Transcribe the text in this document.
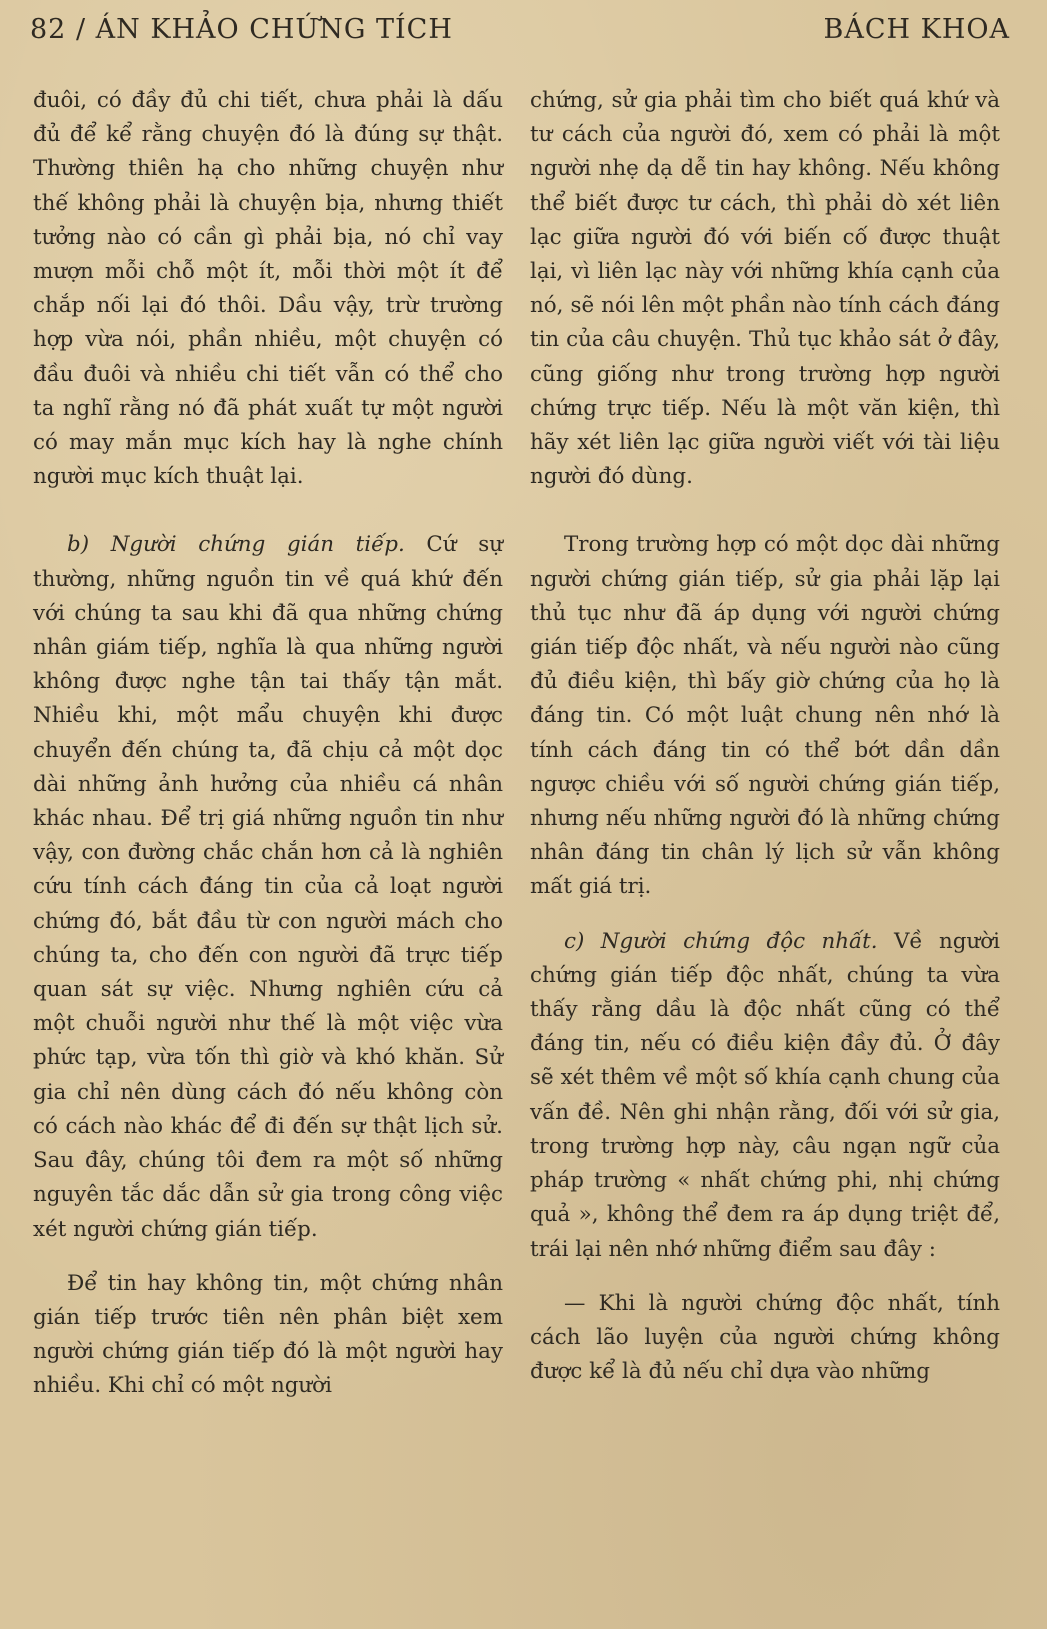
82 / ÁN KHẢO CHỨNG TÍCH	BÁCH KHOA

đuôi, có đầy đủ chi tiết, chưa phải là dấu đủ để kể rằng chuyện đó là đúng sự thật. Thường thiên hạ cho những chuyện như thế không phải là chuyện bịa, nhưng thiết tưởng nào có cần gì phải bịa, nó chỉ vay mượn mỗi chỗ một ít, mỗi thời một ít để chắp nối lại đó thôi. Dầu vậy, trừ trường hợp vừa nói, phần nhiều, một chuyện có đầu đuôi và nhiều chi tiết vẫn có thể cho ta nghĩ rằng nó đã phát xuất tự một người có may mắn mục kích hay là nghe chính người mục kích thuật lại.

b) Người chứng gián tiếp. Cứ sự thường, những nguồn tin về quá khứ đến với chúng ta sau khi đã qua những chứng nhân giám tiếp, nghĩa là qua những người không được nghe tận tai thấy tận mắt. Nhiều khi, một mẩu chuyện khi được chuyển đến chúng ta, đã chịu cả một dọc dài những ảnh hưởng của nhiều cá nhân khác nhau. Để trị giá những nguồn tin như vậy, con đường chắc chắn hơn cả là nghiên cứu tính cách đáng tin của cả loạt người chứng đó, bắt đầu từ con người mách cho chúng ta, cho đến con người đã trực tiếp quan sát sự việc. Nhưng nghiên cứu cả một chuỗi người như thế là một việc vừa phức tạp, vừa tốn thì giờ và khó khăn. Sử gia chỉ nên dùng cách đó nếu không còn có cách nào khác để đi đến sự thật lịch sử. Sau đây, chúng tôi đem ra một số những nguyên tắc dắc dẫn sử gia trong công việc xét người chứng gián tiếp.

Để tin hay không tin, một chứng nhân gián tiếp trước tiên nên phân biệt xem người chứng gián tiếp đó là một người hay nhiều. Khi chỉ có một người

chứng, sử gia phải tìm cho biết quá khứ và tư cách của người đó, xem có phải là một người nhẹ dạ dễ tin hay không. Nếu không thể biết được tư cách, thì phải dò xét liên lạc giữa người đó với biến cố được thuật lại, vì liên lạc này với những khía cạnh của nó, sẽ nói lên một phần nào tính cách đáng tin của câu chuyện. Thủ tục khảo sát ở đây, cũng giống như trong trường hợp người chứng trực tiếp. Nếu là một văn kiện, thì hãy xét liên lạc giữa người viết với tài liệu người đó dùng.

Trong trường hợp có một dọc dài những người chứng gián tiếp, sử gia phải lặp lại thủ tục như đã áp dụng với người chứng gián tiếp độc nhất, và nếu người nào cũng đủ điều kiện, thì bấy giờ chứng của họ là đáng tin. Có một luật chung nên nhớ là tính cách đáng tin có thể bớt dần dần ngược chiều với số người chứng gián tiếp, nhưng nếu những người đó là những chứng nhân đáng tin chân lý lịch sử vẫn không mất giá trị.

c) Người chứng độc nhất. Về người chứng gián tiếp độc nhất, chúng ta vừa thấy rằng dầu là độc nhất cũng có thể đáng tin, nếu có điều kiện đầy đủ. Ở đây sẽ xét thêm về một số khía cạnh chung của vấn đề. Nên ghi nhận rằng, đối với sử gia, trong trường hợp này, câu ngạn ngữ của pháp trường « nhất chứng phi, nhị chứng quả », không thể đem ra áp dụng triệt để, trái lại nên nhớ những điểm sau đây :

— Khi là người chứng độc nhất, tính cách lão luyện của người chứng không được kể là đủ nếu chỉ dựa vào những
